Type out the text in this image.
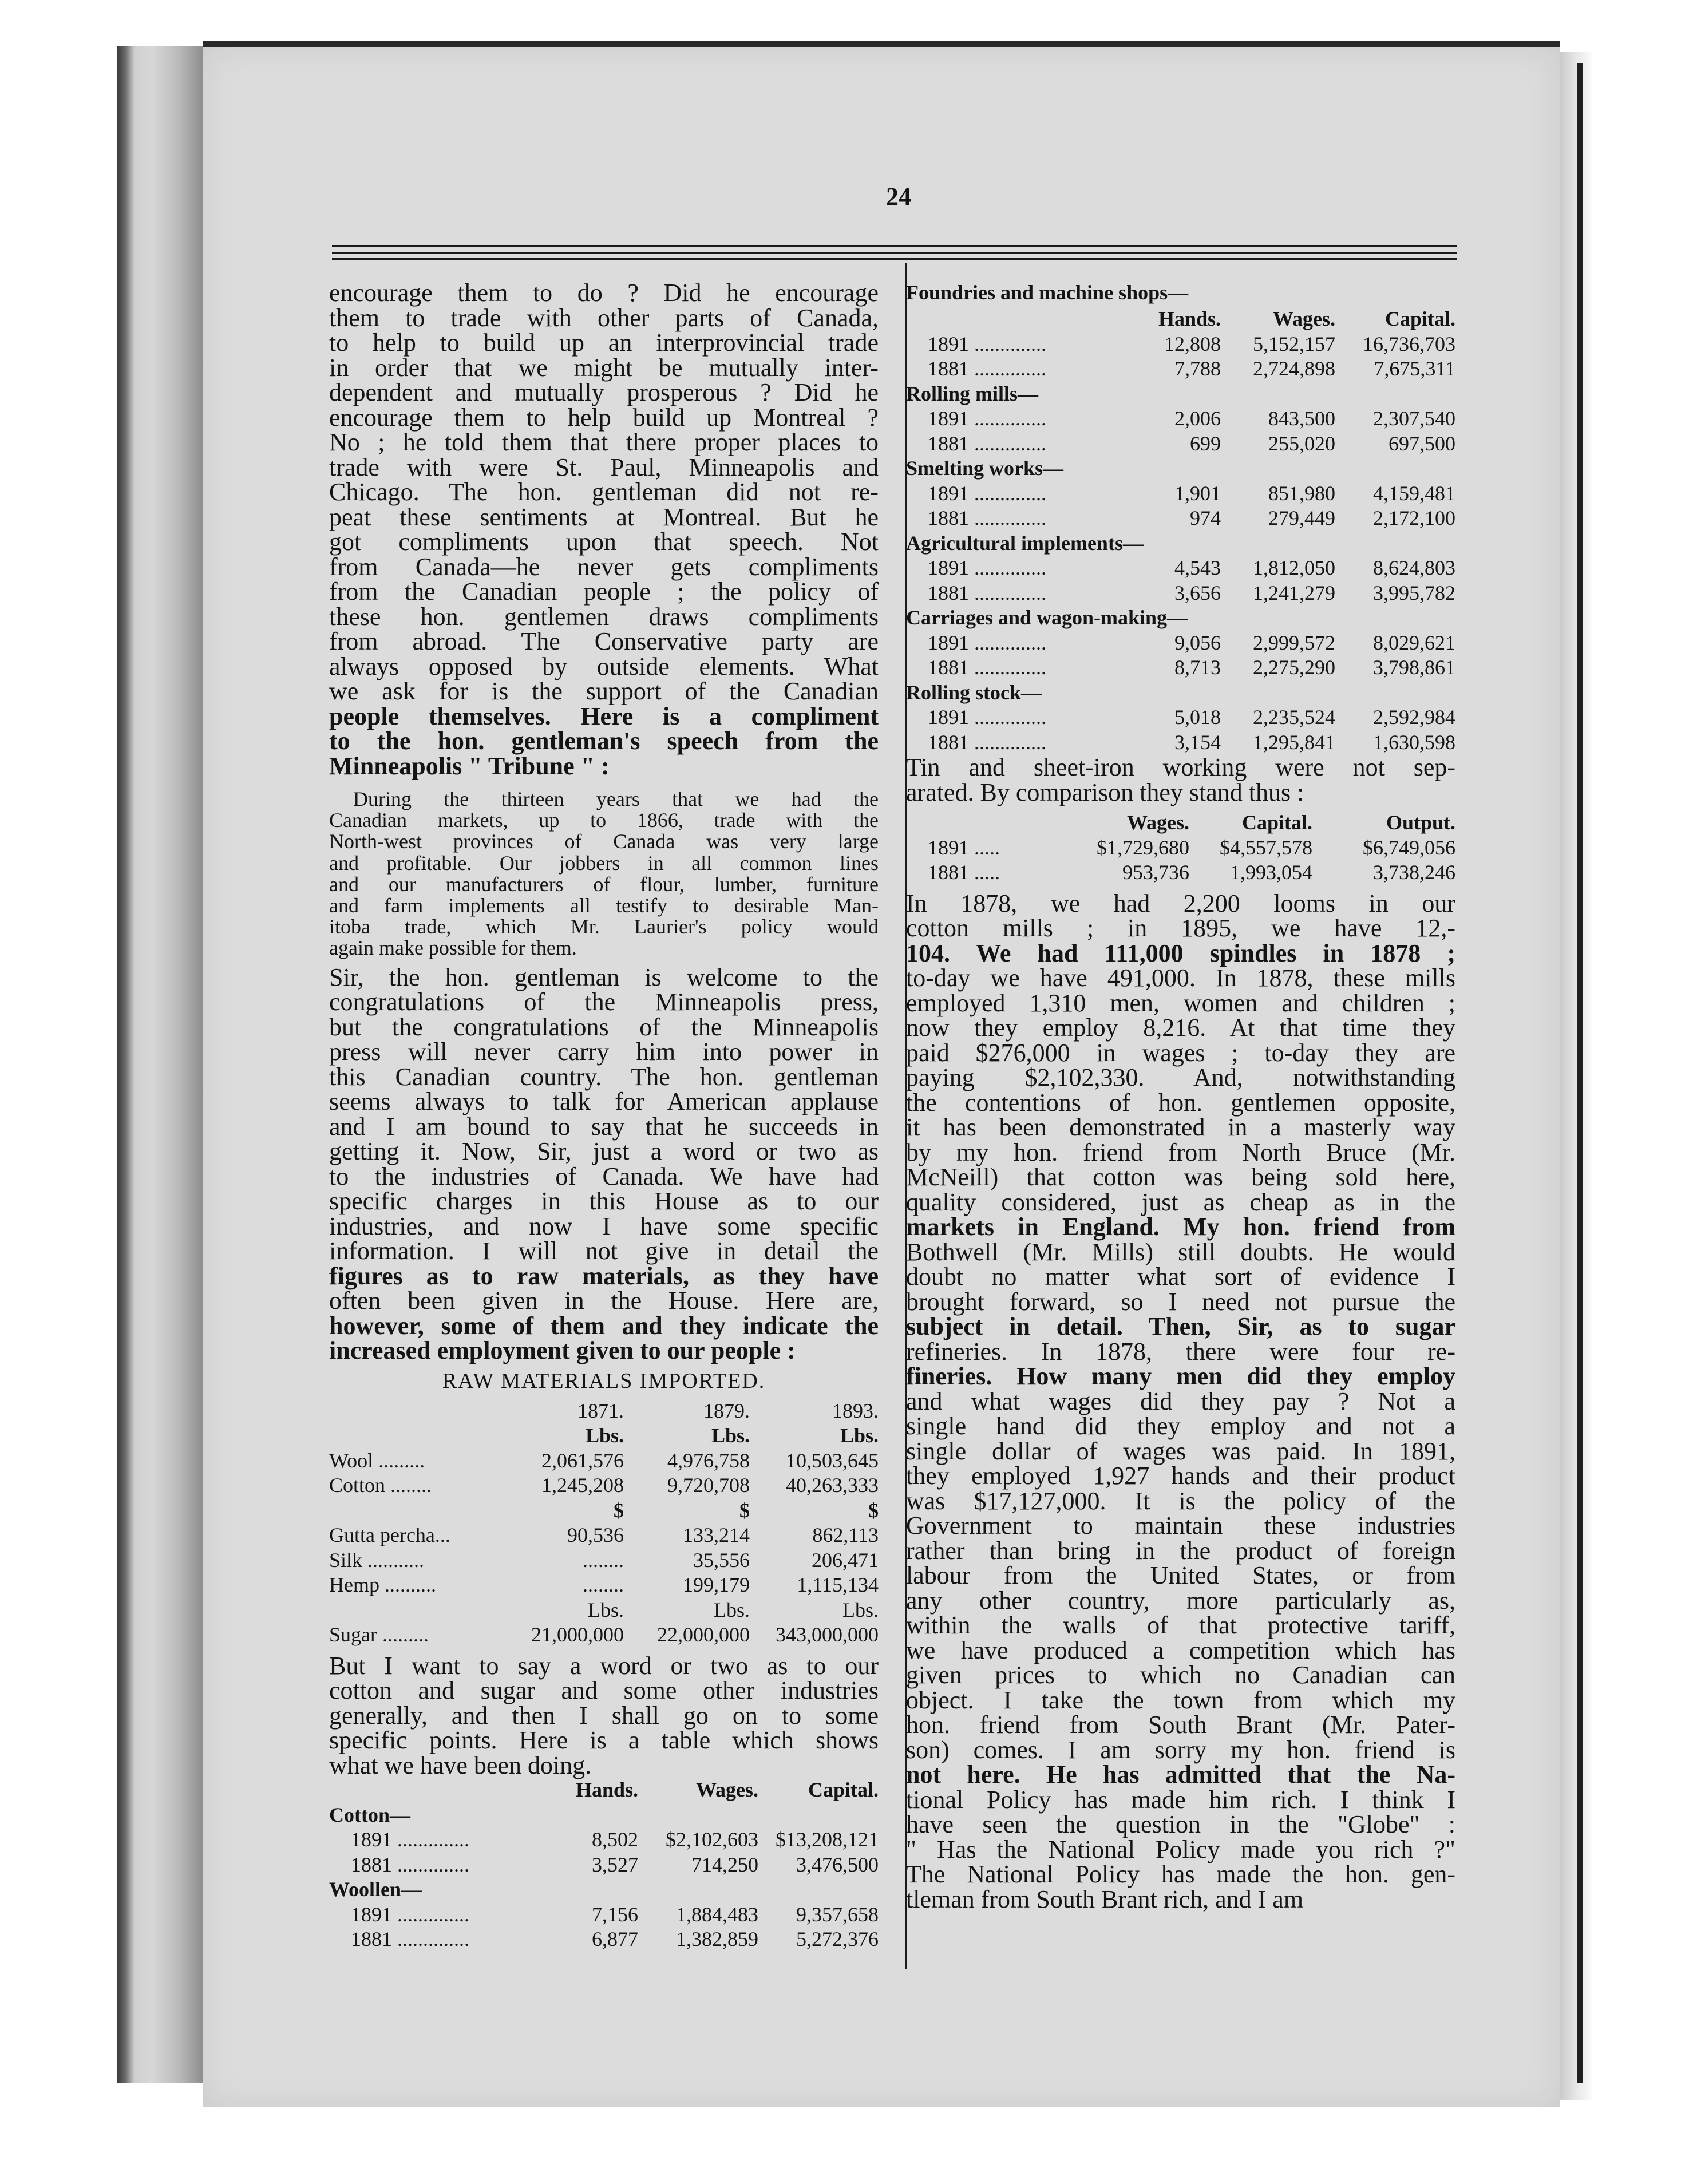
24
encourage them to do ? Did he encourage
them to trade with other parts of Canada,
to help to build up an interprovincial trade
in order that we might be mutually inter-
dependent and mutually prosperous ? Did he
encourage them to help build up Montreal ?
No ; he told them that there proper places to
trade with were St. Paul, Minneapolis and
Chicago. The hon. gentleman did not re-
peat these sentiments at Montreal. But he
got compliments upon that speech. Not
from Canada—he never gets compliments
from the Canadian people ; the policy of
these hon. gentlemen draws compliments
from abroad. The Conservative party are
always opposed by outside elements. What
we ask for is the support of the Canadian
people themselves. Here is a compliment
to the hon. gentleman's speech from the
Minneapolis " Tribune " :
During the thirteen years that we had the
Canadian markets, up to 1866, trade with the
North-west provinces of Canada was very large
and profitable. Our jobbers in all common lines
and our manufacturers of flour, lumber, furniture
and farm implements all testify to desirable Man-
itoba trade, which Mr. Laurier's policy would
again make possible for them.
Sir, the hon. gentleman is welcome to the
congratulations of the Minneapolis press,
but the congratulations of the Minneapolis
press will never carry him into power in
this Canadian country. The hon. gentleman
seems always to talk for American applause
and I am bound to say that he succeeds in
getting it. Now, Sir, just a word or two as
to the industries of Canada. We have had
specific charges in this House as to our
industries, and now I have some specific
information. I will not give in detail the
figures as to raw materials, as they have
often been given in the House. Here are,
however, some of them and they indicate the
increased employment given to our people :
RAW MATERIALS IMPORTED.
	1871.	1879.	1893.
	Lbs.	Lbs.	Lbs.
Wool .........	2,061,576	4,976,758	10,503,645
Cotton ........	1,245,208	9,720,708	40,263,333
	$	$	$
Gutta percha...	90,536	133,214	862,113
Silk ...........	........	35,556	206,471
Hemp ..........	........	199,179	1,115,134
	Lbs.	Lbs.	Lbs.
Sugar .........	21,000,000	22,000,000	343,000,000
But I want to say a word or two as to our
cotton and sugar and some other industries
generally, and then I shall go on to some
specific points. Here is a table which shows
what we have been doing.
	Hands.	Wages.	Capital.
Cotton—			
1891 ..............	8,502	$2,102,603	$13,208,121
1881 ..............	3,527	714,250	3,476,500
Woollen—			
1891 ..............	7,156	1,884,483	9,357,658
1881 ..............	6,877	1,382,859	5,272,376
Foundries and machine shops—
	Hands.	Wages.	Capital.
1891 ..............	12,808	5,152,157	16,736,703
1881 ..............	7,788	2,724,898	7,675,311
Rolling mills—			
1891 ..............	2,006	843,500	2,307,540
1881 ..............	699	255,020	697,500
Smelting works—			
1891 ..............	1,901	851,980	4,159,481
1881 ..............	974	279,449	2,172,100
Agricultural implements—			
1891 ..............	4,543	1,812,050	8,624,803
1881 ..............	3,656	1,241,279	3,995,782
Carriages and wagon-making—			
1891 ..............	9,056	2,999,572	8,029,621
1881 ..............	8,713	2,275,290	3,798,861
Rolling stock—			
1891 ..............	5,018	2,235,524	2,592,984
1881 ..............	3,154	1,295,841	1,630,598
Tin and sheet-iron working were not sep-
arated. By comparison they stand thus :
	Wages.	Capital.	Output.
1891 .....	$1,729,680	$4,557,578	$6,749,056
1881 .....	953,736	1,993,054	3,738,246
In 1878, we had 2,200 looms in our
cotton mills ; in 1895, we have 12,-
104. We had 111,000 spindles in 1878 ;
to-day we have 491,000. In 1878, these mills
employed 1,310 men, women and children ;
now they employ 8,216. At that time they
paid $276,000 in wages ; to-day they are
paying $2,102,330. And, notwithstanding
the contentions of hon. gentlemen opposite,
it has been demonstrated in a masterly way
by my hon. friend from North Bruce (Mr.
McNeill) that cotton was being sold here,
quality considered, just as cheap as in the
markets in England. My hon. friend from
Bothwell (Mr. Mills) still doubts. He would
doubt no matter what sort of evidence I
brought forward, so I need not pursue the
subject in detail. Then, Sir, as to sugar
refineries. In 1878, there were four re-
fineries. How many men did they employ
and what wages did they pay ? Not a
single hand did they employ and not a
single dollar of wages was paid. In 1891,
they employed 1,927 hands and their product
was $17,127,000. It is the policy of the
Government to maintain these industries
rather than bring in the product of foreign
labour from the United States, or from
any other country, more particularly as,
within the walls of that protective tariff,
we have produced a competition which has
given prices to which no Canadian can
object. I take the town from which my
hon. friend from South Brant (Mr. Pater-
son) comes. I am sorry my hon. friend is
not here. He has admitted that the Na-
tional Policy has made him rich. I think I
have seen the question in the "Globe" :
" Has the National Policy made you rich ?"
The National Policy has made the hon. gen-
tleman from South Brant rich, and I am
